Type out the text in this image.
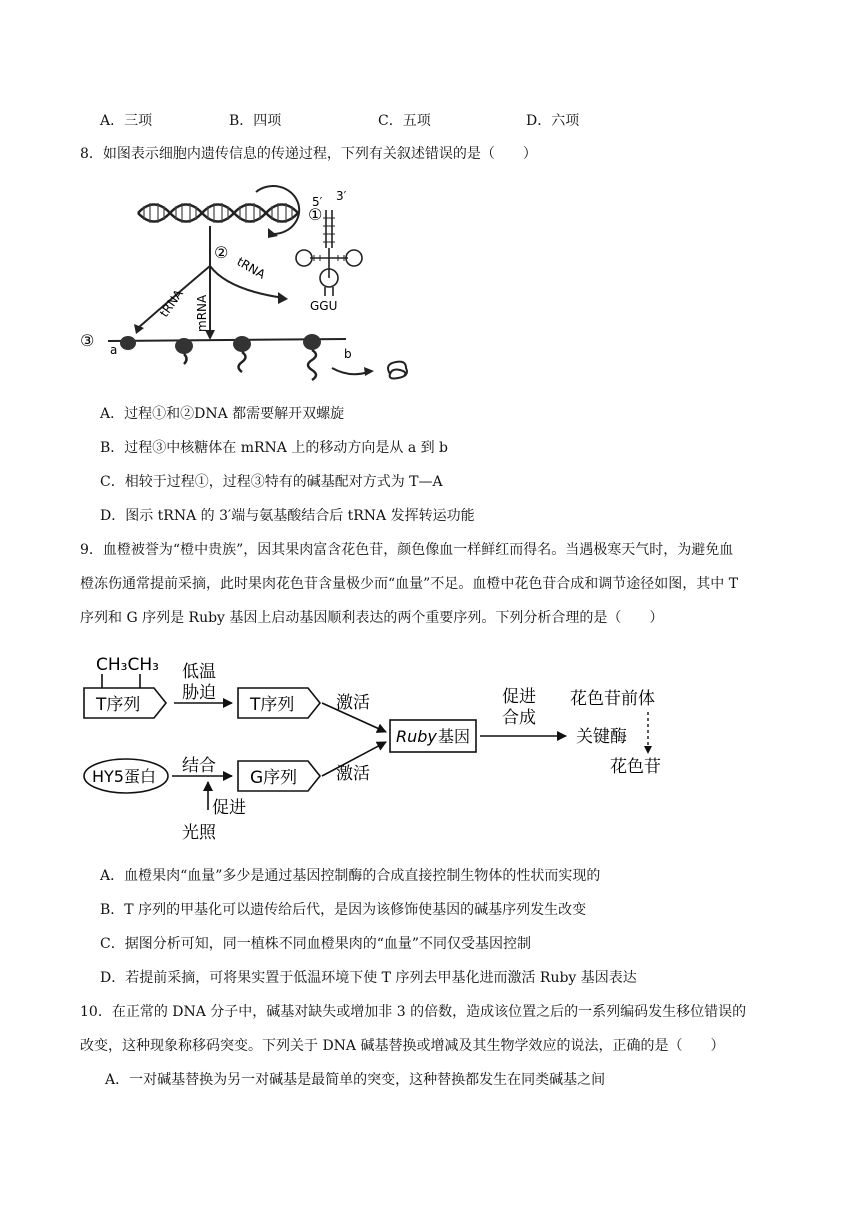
A．三项	B．四项	C．五项	D．六项
8．如图表示细胞内遗传信息的传递过程，下列有关叙述错误的是（　　）
①
②
mRNA
tRNA
tRNA
5′ 3′
GGU
③ a	b
A．过程①和②DNA 都需要解开双螺旋
B．过程③中核糖体在 mRNA 上的移动方向是从 a 到 b
C．相较于过程①，过程③特有的碱基配对方式为 T—A
D．图示 tRNA 的 3′端与氨基酸结合后 tRNA 发挥转运功能
9．血橙被誉为“橙中贵族”，因其果肉富含花色苷，颜色像血一样鲜红而得名。当遇极寒天气时，为避免血
橙冻伤通常提前采摘，此时果肉花色苷含量极少而“血量”不足。血橙中花色苷合成和调节途径如图，其中 T
序列和 G 序列是 Ruby 基因上启动基因顺利表达的两个重要序列。下列分析合理的是（　　）
CH₃CH₃
T序列
低温
胁迫
T序列 激活
激活
Ruby 基因
促进
合成
花色苷前体
关键酶
花色苷
HY5蛋白
结合
G序列
促进
光照
A．血橙果肉“血量”多少是通过基因控制酶的合成直接控制生物体的性状而实现的
B．T 序列的甲基化可以遗传给后代，是因为该修饰使基因的碱基序列发生改变
C．据图分析可知，同一植株不同血橙果肉的“血量”不同仅受基因控制
D．若提前采摘，可将果实置于低温环境下使 T 序列去甲基化进而激活 Ruby 基因表达
10．在正常的 DNA 分子中，碱基对缺失或增加非 3 的倍数，造成该位置之后的一系列编码发生移位错误的
改变，这种现象称移码突变。下列关于 DNA 碱基替换或增减及其生物学效应的说法，正确的是（　　）
A．一对碱基替换为另一对碱基是最简单的突变，这种替换都发生在同类碱基之间
